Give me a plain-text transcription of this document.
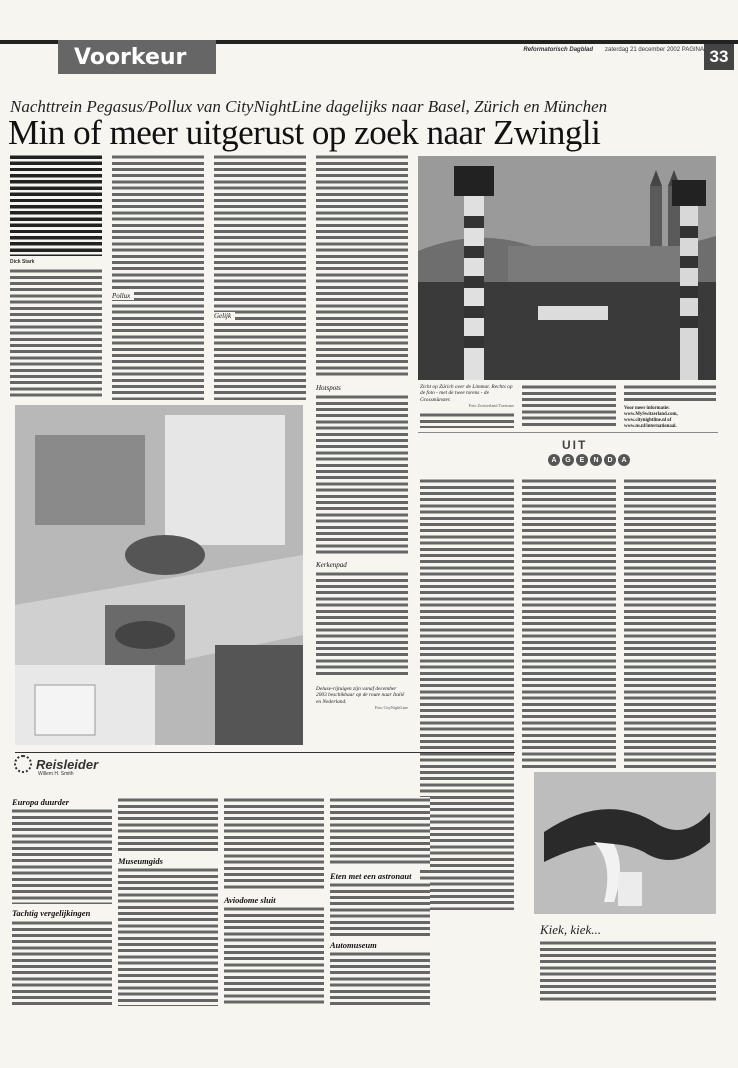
Voorkeur	Reformatorisch Dagblad zaterdag 21 december 2002 PAGINA 33
Nachttrein Pegasus/Pollux van CityNightLine dagelijks naar Basel, Zürich en München
Min of meer uitgerust op zoek naar Zwingli
Dick Stark
Pollux
Gelijk
Hotspots
Kerkenpad
Deluxe-rijtuigen zijn vanaf december 2003 beschikbaar op de route naar Italië en Nederland.
Foto CityNightLine
Zicht op Zürich over de Limmat. Rechts op de foto - met de twee torens - de Grossmünster.
Foto Zwitserland Toerisme
Voor meer informatie: www.MySwitzerland.com, www.citynightline.nl of www.ns.nl/internationaal.
UIT
A	G	E	N	D	A
Kiek, kiek...
Reisleider
Willem H. Smith
Europa duurder
Tachtig vergelijkingen
Museumgids
Aviodome sluit
Eten met een astronaut
Automuseum
